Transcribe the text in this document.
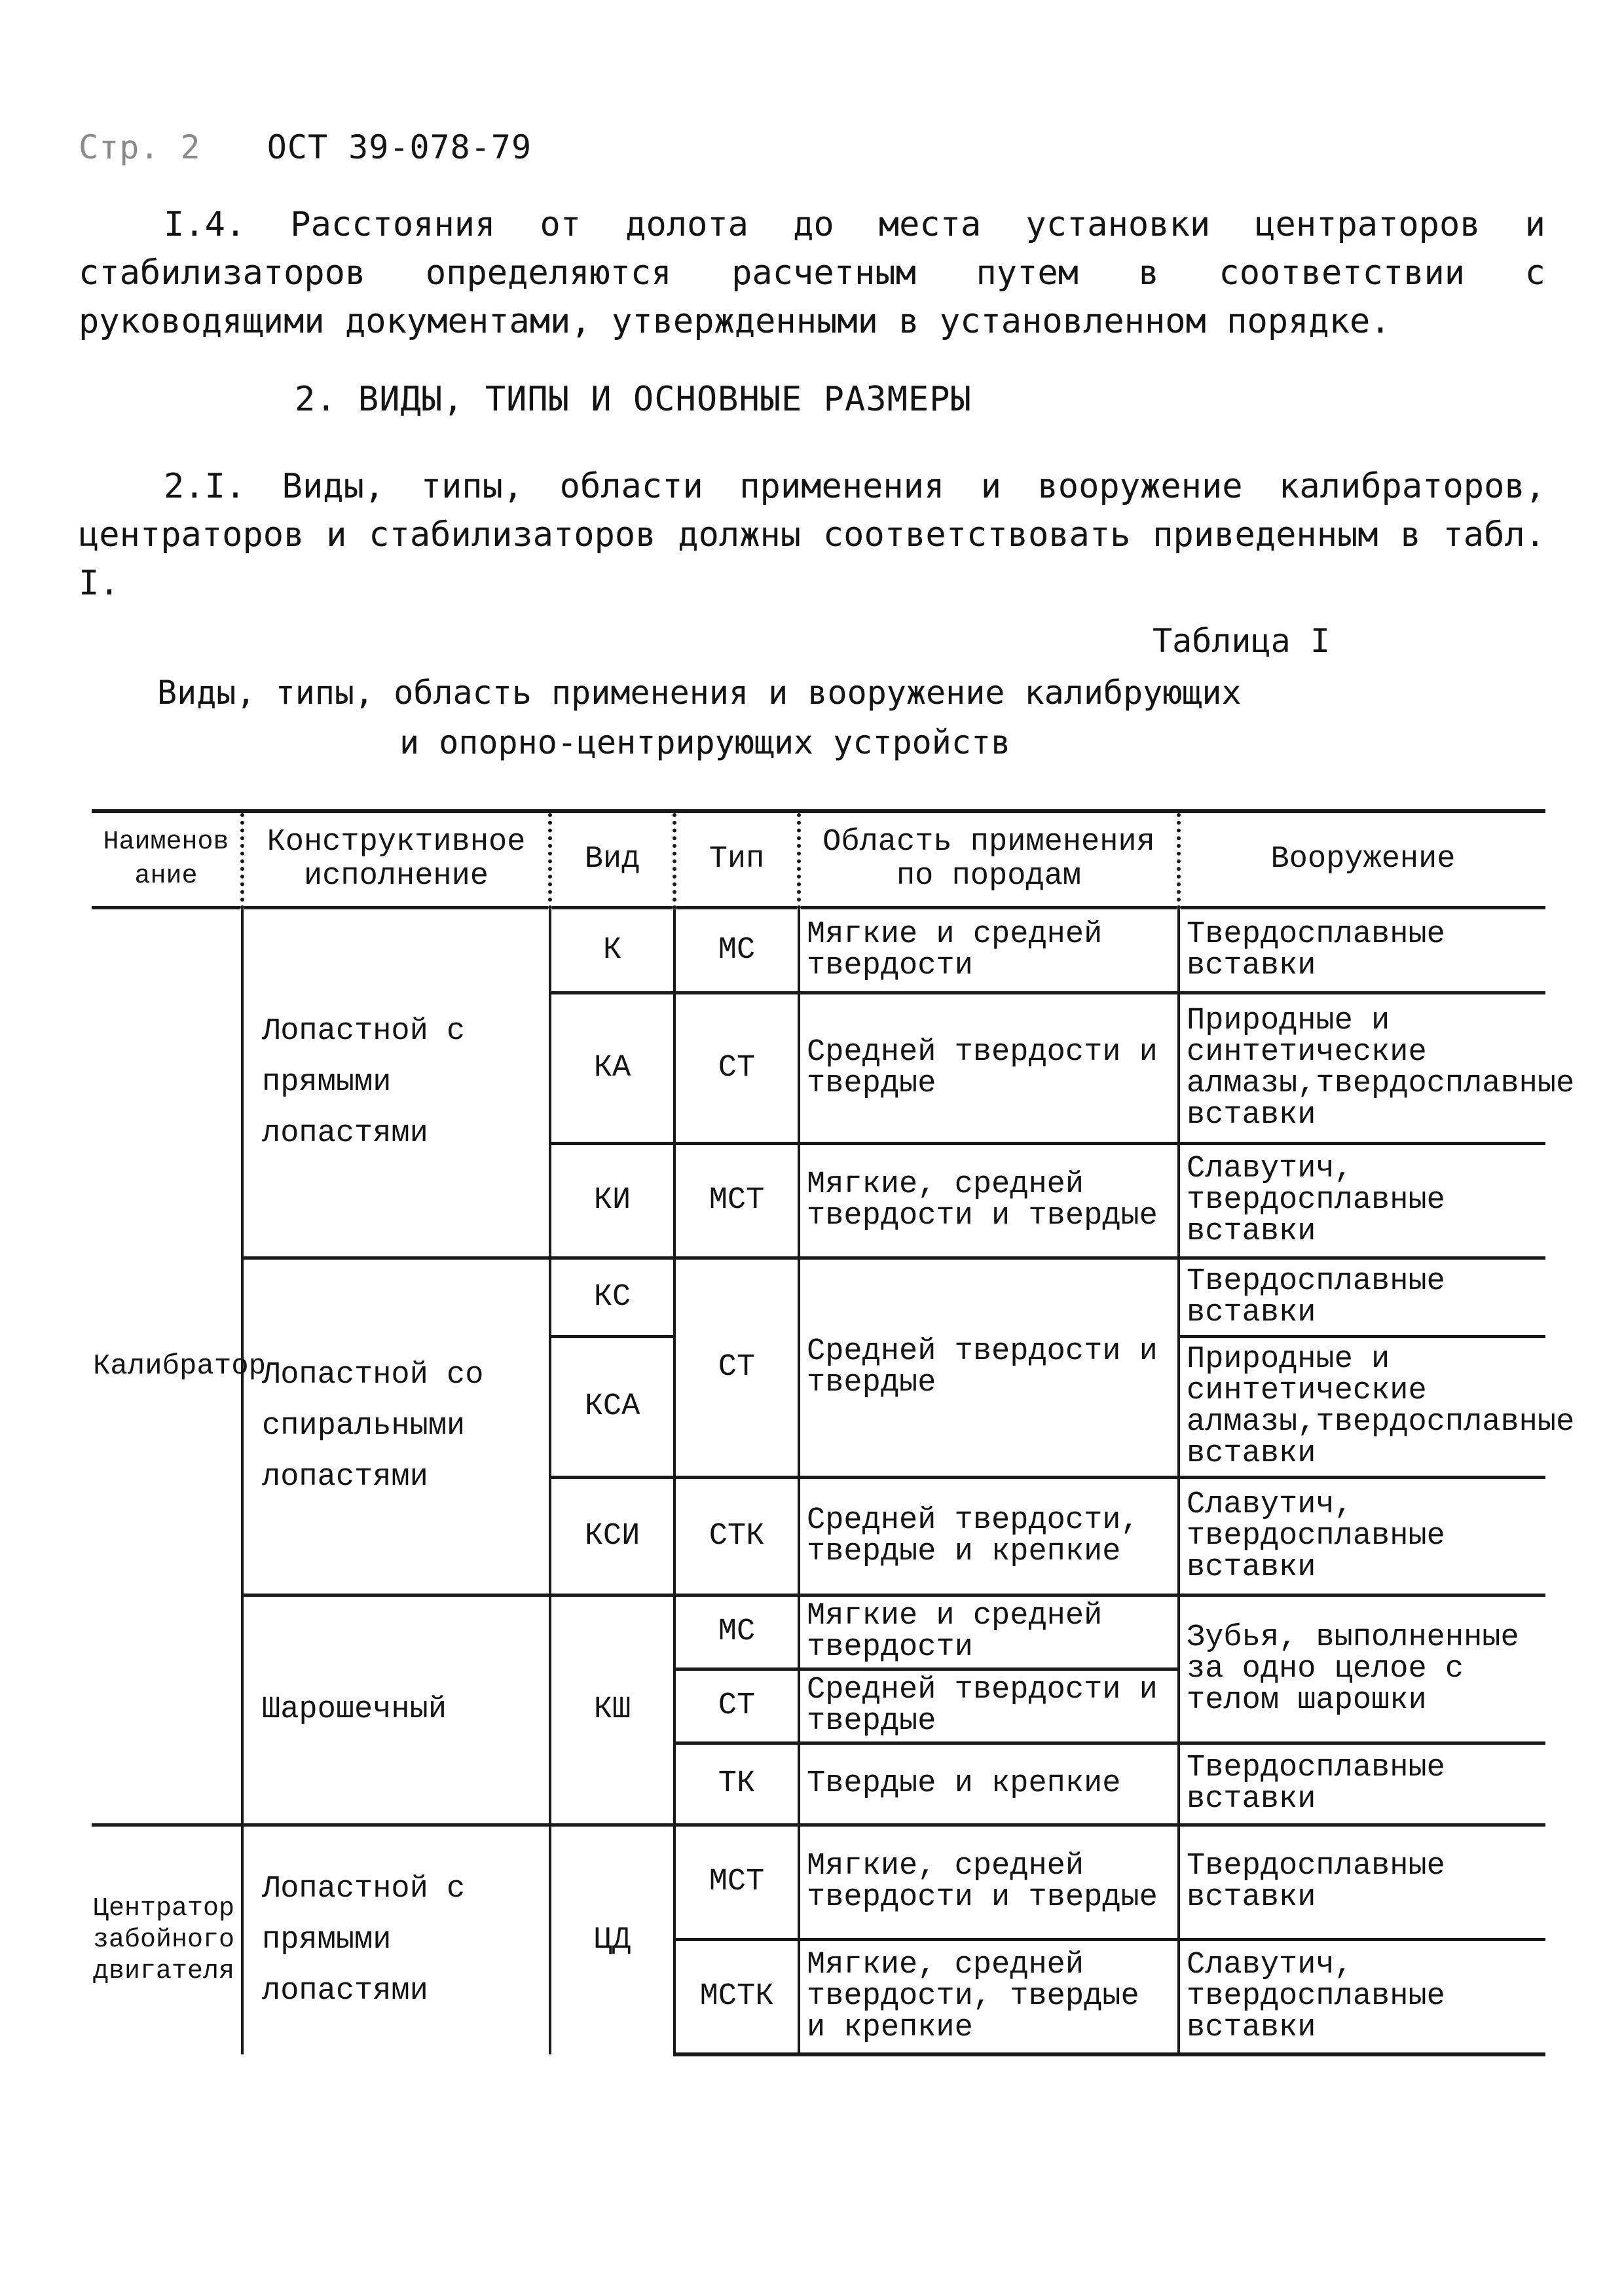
Стр. 2 ОСТ 39-078-79

I.4. Расстояния от долота до места установки центраторов и стабилизаторов определяются расчетным путем в соответствии с руководящими документами, утвержденными в установленном порядке.

2. ВИДЫ, ТИПЫ И ОСНОВНЫЕ РАЗМЕРЫ

2.I. Виды, типы, области применения и вооружение калибраторов, центраторов и стабилизаторов должны соответствовать приведенным в табл. I.

Таблица I
Виды, типы, область применения и вооружение калибрующих
и опорно-центрирующих устройств
Наименование	Конструктивное исполнение	Вид	Тип	Область применения по породам	Вооружение
Калибратор	Лопастной с прямыми лопастями	К	МС	Мягкие и средней твердости	Твердосплавные вставки
		КА	СТ	Средней твердости и твердые	Природные и синтетические алмазы,твердосплавные вставки
		КИ	МСТ	Мягкие, средней твердости и твердые	Славутич, твердосплавные вставки
	Лопастной со спиральными лопастями	КС	СТ	Средней твердости и твердые	Твердосплавные вставки
		КСА			Природные и синтетические алмазы,твердосплавные вставки
		КСИ	СТК	Средней твердости, твердые и крепкие	Славутич, твердосплавные вставки
	Шарошечный	КШ	МС	Мягкие и средней твердости	Зубья, выполненные за одно целое с телом шарошки
			СТ	Средней твердости и твердые	
			ТК	Твердые и крепкие	Твердосплавные вставки
Центратор забойного двигателя	Лопастной с прямыми лопастями	ЦД	МСТ	Мягкие, средней твердости и твердые	Твердосплавные вставки
			МСТК	Мягкие, средней твердости, твердые и крепкие	Славутич, твердосплавные вставки
